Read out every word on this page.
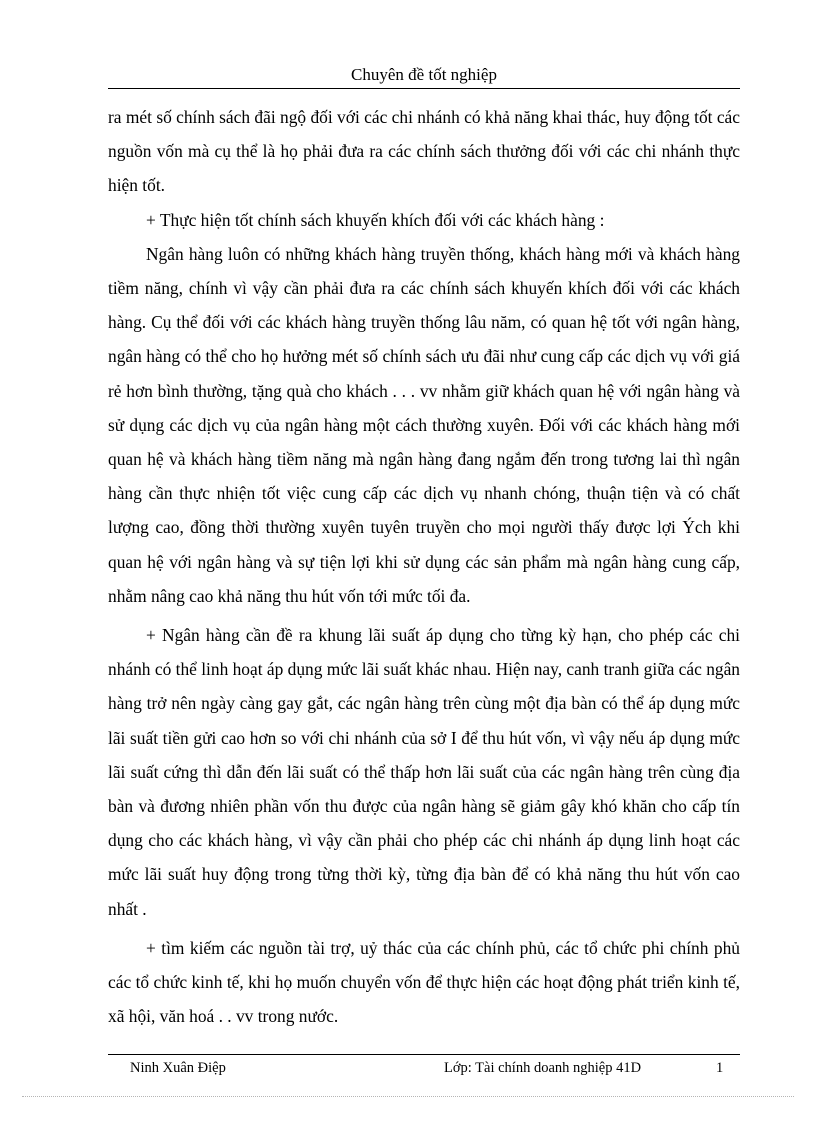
Chuyên đề tốt nghiệp

ra mét số chính sách đãi ngộ đối với các chi nhánh có khả năng khai thác, huy động tốt các nguồn vốn mà cụ thể là họ phải đưa ra các chính sách thưởng đối với các chi nhánh thực hiện tốt.

+ Thực hiện tốt chính sách khuyến khích đối với các khách hàng :

Ngân hàng luôn có những khách hàng truyền thống, khách hàng mới và khách hàng tiềm năng, chính vì vậy cần phải đưa ra các chính sách khuyến khích đối với các khách hàng. Cụ thể đối với các khách hàng truyền thống lâu năm, có quan hệ tốt với ngân hàng, ngân hàng có thể cho họ hưởng mét số chính sách ưu đãi như cung cấp các dịch vụ với giá rẻ hơn bình thường, tặng quà cho khách . . . vv nhằm giữ khách quan hệ với ngân hàng và sử dụng các dịch vụ của ngân hàng một cách thường xuyên. Đối với các khách hàng mới quan hệ và khách hàng tiềm năng mà ngân hàng đang ngắm đến trong tương lai thì ngân hàng cần thực nhiện tốt việc cung cấp các dịch vụ nhanh chóng, thuận tiện và có chất lượng cao, đồng thời thường xuyên tuyên truyền cho mọi người thấy được lợi Ých khi quan hệ với ngân hàng và sự tiện lợi khi sử dụng các sản phẩm mà ngân hàng cung cấp, nhằm nâng cao khả năng thu hút vốn tới mức tối đa.

+ Ngân hàng cần đề ra khung lãi suất áp dụng cho từng kỳ hạn, cho phép các chi nhánh có thể linh hoạt áp dụng mức lãi suất khác nhau. Hiện nay, canh tranh giữa các ngân hàng trở nên ngày càng gay gắt, các ngân hàng trên cùng một địa bàn có thể áp dụng mức lãi suất tiền gửi cao hơn so với chi nhánh của sở I để thu hút vốn, vì vậy nếu áp dụng mức lãi suất cứng thì dẫn đến lãi suất có thể thấp hơn lãi suất của các ngân hàng trên cùng địa bàn và đương nhiên phần vốn thu được của ngân hàng sẽ giảm gây khó khăn cho cấp tín dụng cho các khách hàng, vì vậy cần phải cho phép các chi nhánh áp dụng linh hoạt các mức lãi suất huy động trong từng thời kỳ, từng địa bàn để có khả năng thu hút vốn cao nhất .

+ tìm kiếm các nguồn tài trợ, uỷ thác của các chính phủ, các tổ chức phi chính phủ các tổ chức kinh tế, khi họ muốn chuyển vốn để thực hiện các hoạt động phát triển kinh tế, xã hội, văn hoá . . vv trong nước.

Ninh Xuân Điệp	Lớp: Tài chính doanh nghiệp 41D	1
